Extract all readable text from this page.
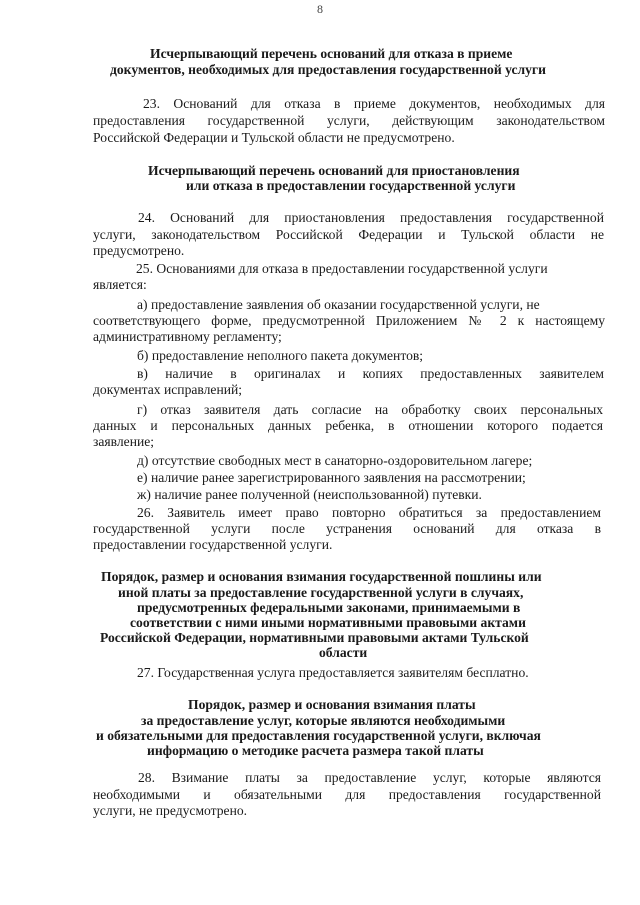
8
Исчерпывающий перечень оснований для отказа в приеме
документов, необходимых для предоставления государственной услуги
23. Оснований для отказа в приеме документов, необходимых для
предоставления государственной услуги, действующим законодательством
Российской Федерации и Тульской области не предусмотрено.
Исчерпывающий перечень оснований для приостановления
или отказа в предоставлении государственной услуги
24. Оснований для приостановления предоставления государственной
услуги, законодательством Российской Федерации и Тульской области не
предусмотрено.
25. Основаниями для отказа в предоставлении государственной услуги
является:
а) предоставление заявления об оказании государственной услуги, не
соответствующего форме, предусмотренной Приложением № 2 к настоящему
административному регламенту;
б) предоставление неполного пакета документов;
в) наличие в оригиналах и копиях предоставленных заявителем
документах исправлений;
г) отказ заявителя дать согласие на обработку своих персональных
данных и персональных данных ребенка, в отношении которого подается
заявление;
д) отсутствие свободных мест в санаторно-оздоровительном лагере;
е) наличие ранее зарегистрированного заявления на рассмотрении;
ж) наличие ранее полученной (неиспользованной) путевки.
26. Заявитель имеет право повторно обратиться за предоставлением
государственной услуги после устранения оснований для отказа в
предоставлении государственной услуги.
Порядок, размер и основания взимания государственной пошлины или
иной платы за предоставление государственной услуги в случаях,
предусмотренных федеральными законами, принимаемыми в
соответствии с ними иными нормативными правовыми актами
Российской Федерации, нормативными правовыми актами Тульской
области
27. Государственная услуга предоставляется заявителям бесплатно.
Порядок, размер и основания взимания платы
за предоставление услуг, которые являются необходимыми
и обязательными для предоставления государственной услуги, включая
информацию о методике расчета размера такой платы
28. Взимание платы за предоставление услуг, которые являются
необходимыми и обязательными для предоставления государственной
услуги, не предусмотрено.
